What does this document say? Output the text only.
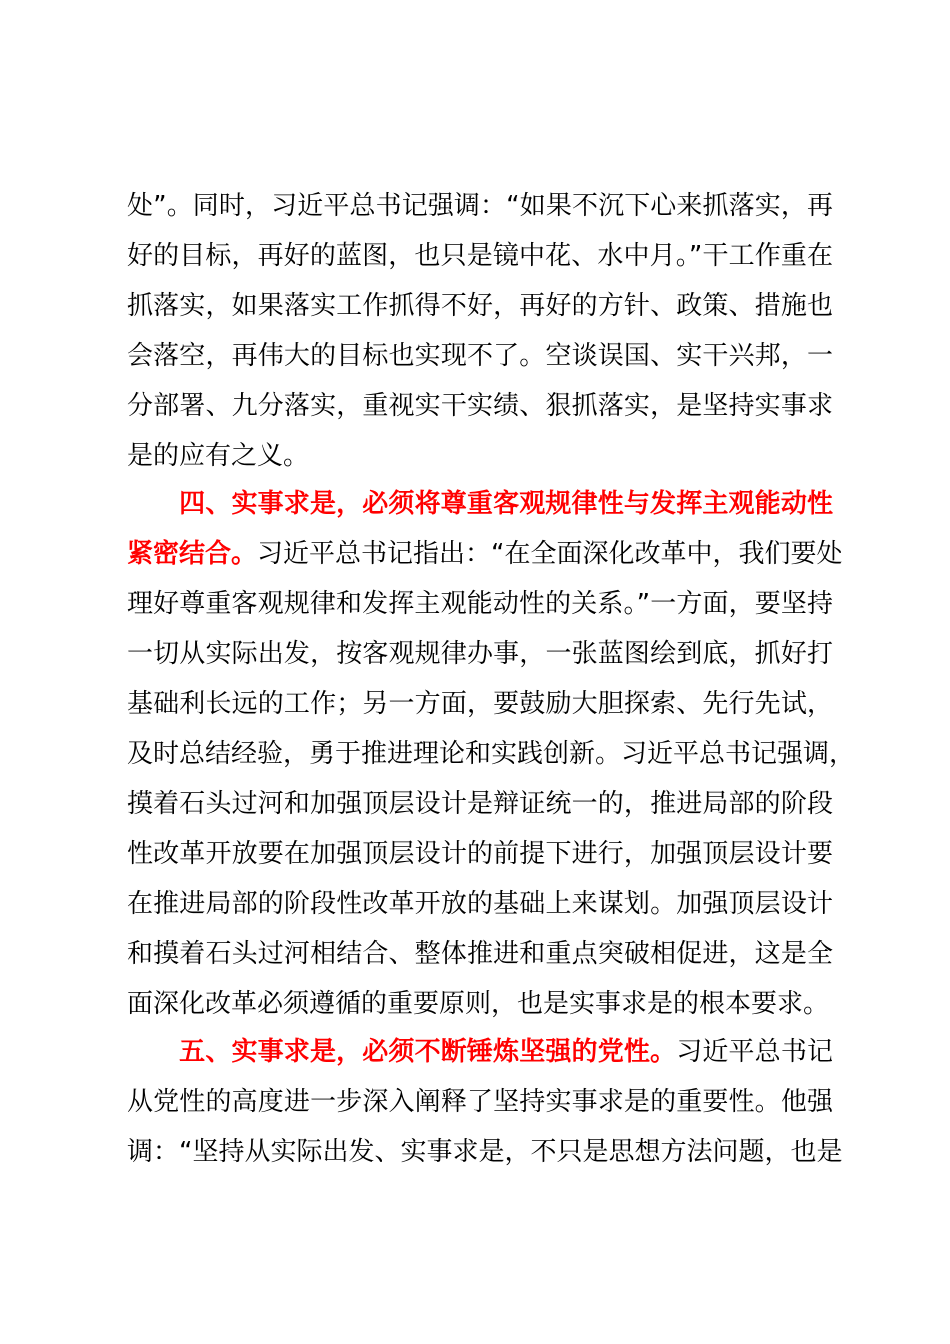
处”。同时，习近平总书记强调：“如果不沉下心来抓落实，再
好的目标，再好的蓝图，也只是镜中花、水中月。”干工作重在
抓落实，如果落实工作抓得不好，再好的方针、政策、措施也
会落空，再伟大的目标也实现不了。空谈误国、实干兴邦，一
分部署、九分落实，重视实干实绩、狠抓落实，是坚持实事求
是的应有之义。
四、实事求是，必须将尊重客观规律性与发挥主观能动性
紧密结合。习近平总书记指出：“在全面深化改革中，我们要处
理好尊重客观规律和发挥主观能动性的关系。”一方面，要坚持
一切从实际出发，按客观规律办事，一张蓝图绘到底，抓好打
基础利长远的工作；另一方面，要鼓励大胆探索、先行先试，
及时总结经验，勇于推进理论和实践创新。习近平总书记强调，
摸着石头过河和加强顶层设计是辩证统一的，推进局部的阶段
性改革开放要在加强顶层设计的前提下进行，加强顶层设计要
在推进局部的阶段性改革开放的基础上来谋划。加强顶层设计
和摸着石头过河相结合、整体推进和重点突破相促进，这是全
面深化改革必须遵循的重要原则，也是实事求是的根本要求。
五、实事求是，必须不断锤炼坚强的党性。习近平总书记
从党性的高度进一步深入阐释了坚持实事求是的重要性。他强
调：“坚持从实际出发、实事求是，不只是思想方法问题，也是
